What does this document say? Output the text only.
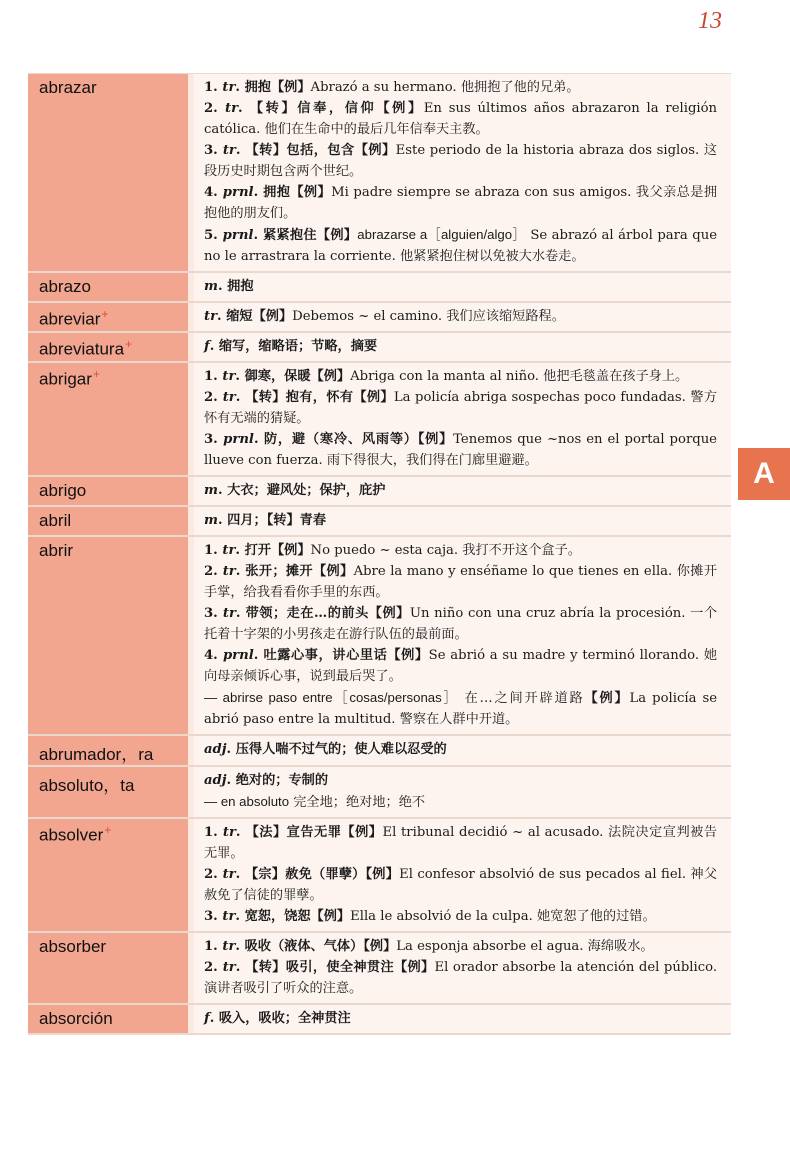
13
A
abrazar	1. tr. 拥抱【例】Abrazó a su hermano. 他拥抱了他的兄弟。

2. tr. 【转】信奉，信仰【例】En sus últimos años abrazaron la religión católica. 他们在生命中的最后几年信奉天主教。

3. tr. 【转】包括，包含【例】Este periodo de la historia abraza dos siglos. 这段历史时期包含两个世纪。

4. prnl. 拥抱【例】Mi padre siempre se abraza con sus amigos. 我父亲总是拥抱他的朋友们。

5. prnl. 紧紧抱住【例】abrazarse a［alguien/algo］ Se abrazó al árbol para que no le arrastrara la corriente. 他紧紧抱住树以免被大水卷走。

abrazo	m. 拥抱

abreviar+	tr. 缩短【例】Debemos ~ el camino. 我们应该缩短路程。

abreviatura+	f. 缩写，缩略语；节略，摘要

abrigar+	1. tr. 御寒，保暖【例】Abriga con la manta al niño. 他把毛毯盖在孩子身上。

2. tr. 【转】抱有，怀有【例】La policía abriga sospechas poco fundadas. 警方怀有无端的猜疑。

3. prnl. 防，避（寒冷、风雨等）【例】Tenemos que ~nos en el portal porque llueve con fuerza. 雨下得很大，我们得在门廊里避避。

abrigo	m. 大衣；避风处；保护，庇护

abril	m. 四月；【转】青春

abrir	1. tr. 打开【例】No puedo ~ esta caja. 我打不开这个盒子。

2. tr. 张开；摊开【例】Abre la mano y enséñame lo que tienes en ella. 你摊开手掌，给我看看你手里的东西。

3. tr. 带领；走在…的前头【例】Un niño con una cruz abría la procesión. 一个托着十字架的小男孩走在游行队伍的最前面。

4. prnl. 吐露心事，讲心里话【例】Se abrió a su madre y terminó llorando. 她向母亲倾诉心事，说到最后哭了。

— abrirse paso entre［cosas/personas］ 在…之间开辟道路【例】La policía se abrió paso entre la multitud. 警察在人群中开道。

abrumador，ra	adj. 压得人喘不过气的；使人难以忍受的

absoluto，ta	adj. 绝对的；专制的

— en absoluto 完全地；绝对地；绝不

absolver+	1. tr. 【法】宣告无罪【例】El tribunal decidió ~ al acusado. 法院决定宣判被告无罪。

2. tr. 【宗】赦免（罪孽）【例】El confesor absolvió de sus pecados al fiel. 神父赦免了信徒的罪孽。

3. tr. 宽恕，饶恕【例】Ella le absolvió de la culpa. 她宽恕了他的过错。

absorber	1. tr. 吸收（液体、气体）【例】La esponja absorbe el agua. 海绵吸水。

2. tr. 【转】吸引，使全神贯注【例】El orador absorbe la atención del público. 演讲者吸引了听众的注意。

absorción	f. 吸入，吸收；全神贯注
